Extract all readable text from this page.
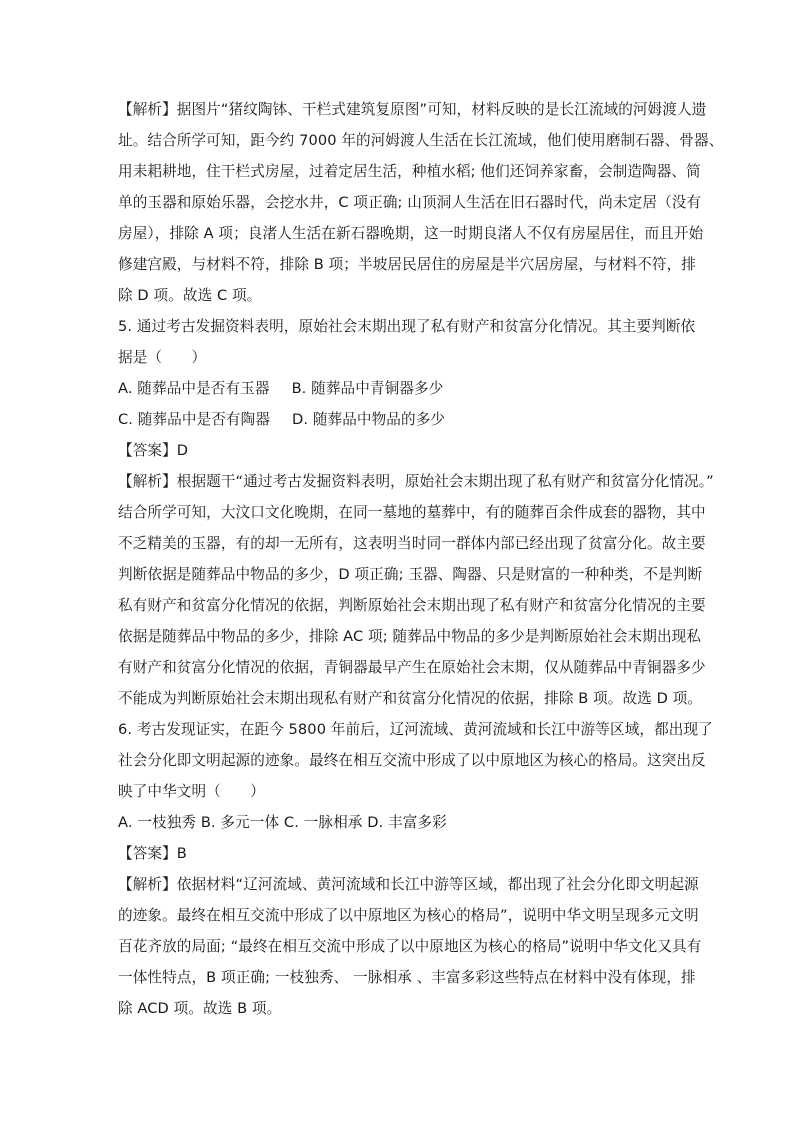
【解析】据图片“猪纹陶钵、干栏式建筑复原图”可知，材料反映的是长江流域的河姆渡人遗
址。结合所学可知，距今约 7000 年的河姆渡人生活在长江流域，他们使用磨制石器、骨器、
用耒耜耕地，住干栏式房屋，过着定居生活，种植水稻; 他们还饲养家畜，会制造陶器、简
单的玉器和原始乐器，会挖水井，C 项正确; 山顶洞人生活在旧石器时代，尚未定居（没有
房屋），排除 A 项；良渚人生活在新石器晚期，这一时期良渚人不仅有房屋居住，而且开始
修建宫殿，与材料不符，排除 B 项；半坡居民居住的房屋是半穴居房屋，与材料不符，排
除 D 项。故选 C 项。
5. 通过考古发掘资料表明，原始社会末期出现了私有财产和贫富分化情况。其主要判断依
据是（　　）
A. 随葬品中是否有玉器 B. 随葬品中青铜器多少
C. 随葬品中是否有陶器 D. 随葬品中物品的多少
【答案】D
【解析】根据题干“通过考古发掘资料表明，原始社会末期出现了私有财产和贫富分化情况。”
结合所学可知，大汶口文化晚期，在同一墓地的墓葬中，有的随葬百余件成套的器物，其中
不乏精美的玉器，有的却一无所有，这表明当时同一群体内部已经出现了贫富分化。故主要
判断依据是随葬品中物品的多少，D 项正确; 玉器、陶器、只是财富的一种种类，不是判断
私有财产和贫富分化情况的依据，判断原始社会末期出现了私有财产和贫富分化情况的主要
依据是随葬品中物品的多少，排除 AC 项; 随葬品中物品的多少是判断原始社会末期出现私
有财产和贫富分化情况的依据，青铜器最早产生在原始社会末期，仅从随葬品中青铜器多少
不能成为判断原始社会末期出现私有财产和贫富分化情况的依据，排除 B 项。故选 D 项。
6. 考古发现证实，在距今 5800 年前后，辽河流域、黄河流域和长江中游等区域，都出现了
社会分化即文明起源的迹象。最终在相互交流中形成了以中原地区为核心的格局。这突出反
映了中华文明（　　）
A. 一枝独秀 B. 多元一体 C. 一脉相承 D. 丰富多彩
【答案】B
【解析】依据材料“辽河流域、黄河流域和长江中游等区域，都出现了社会分化即文明起源
的迹象。最终在相互交流中形成了以中原地区为核心的格局”，说明中华文明呈现多元文明
百花齐放的局面; “最终在相互交流中形成了以中原地区为核心的格局”说明中华文化又具有
一体性特点，B 项正确; 一枝独秀、 一脉相承 、丰富多彩这些特点在材料中没有体现，排
除 ACD 项。故选 B 项。
